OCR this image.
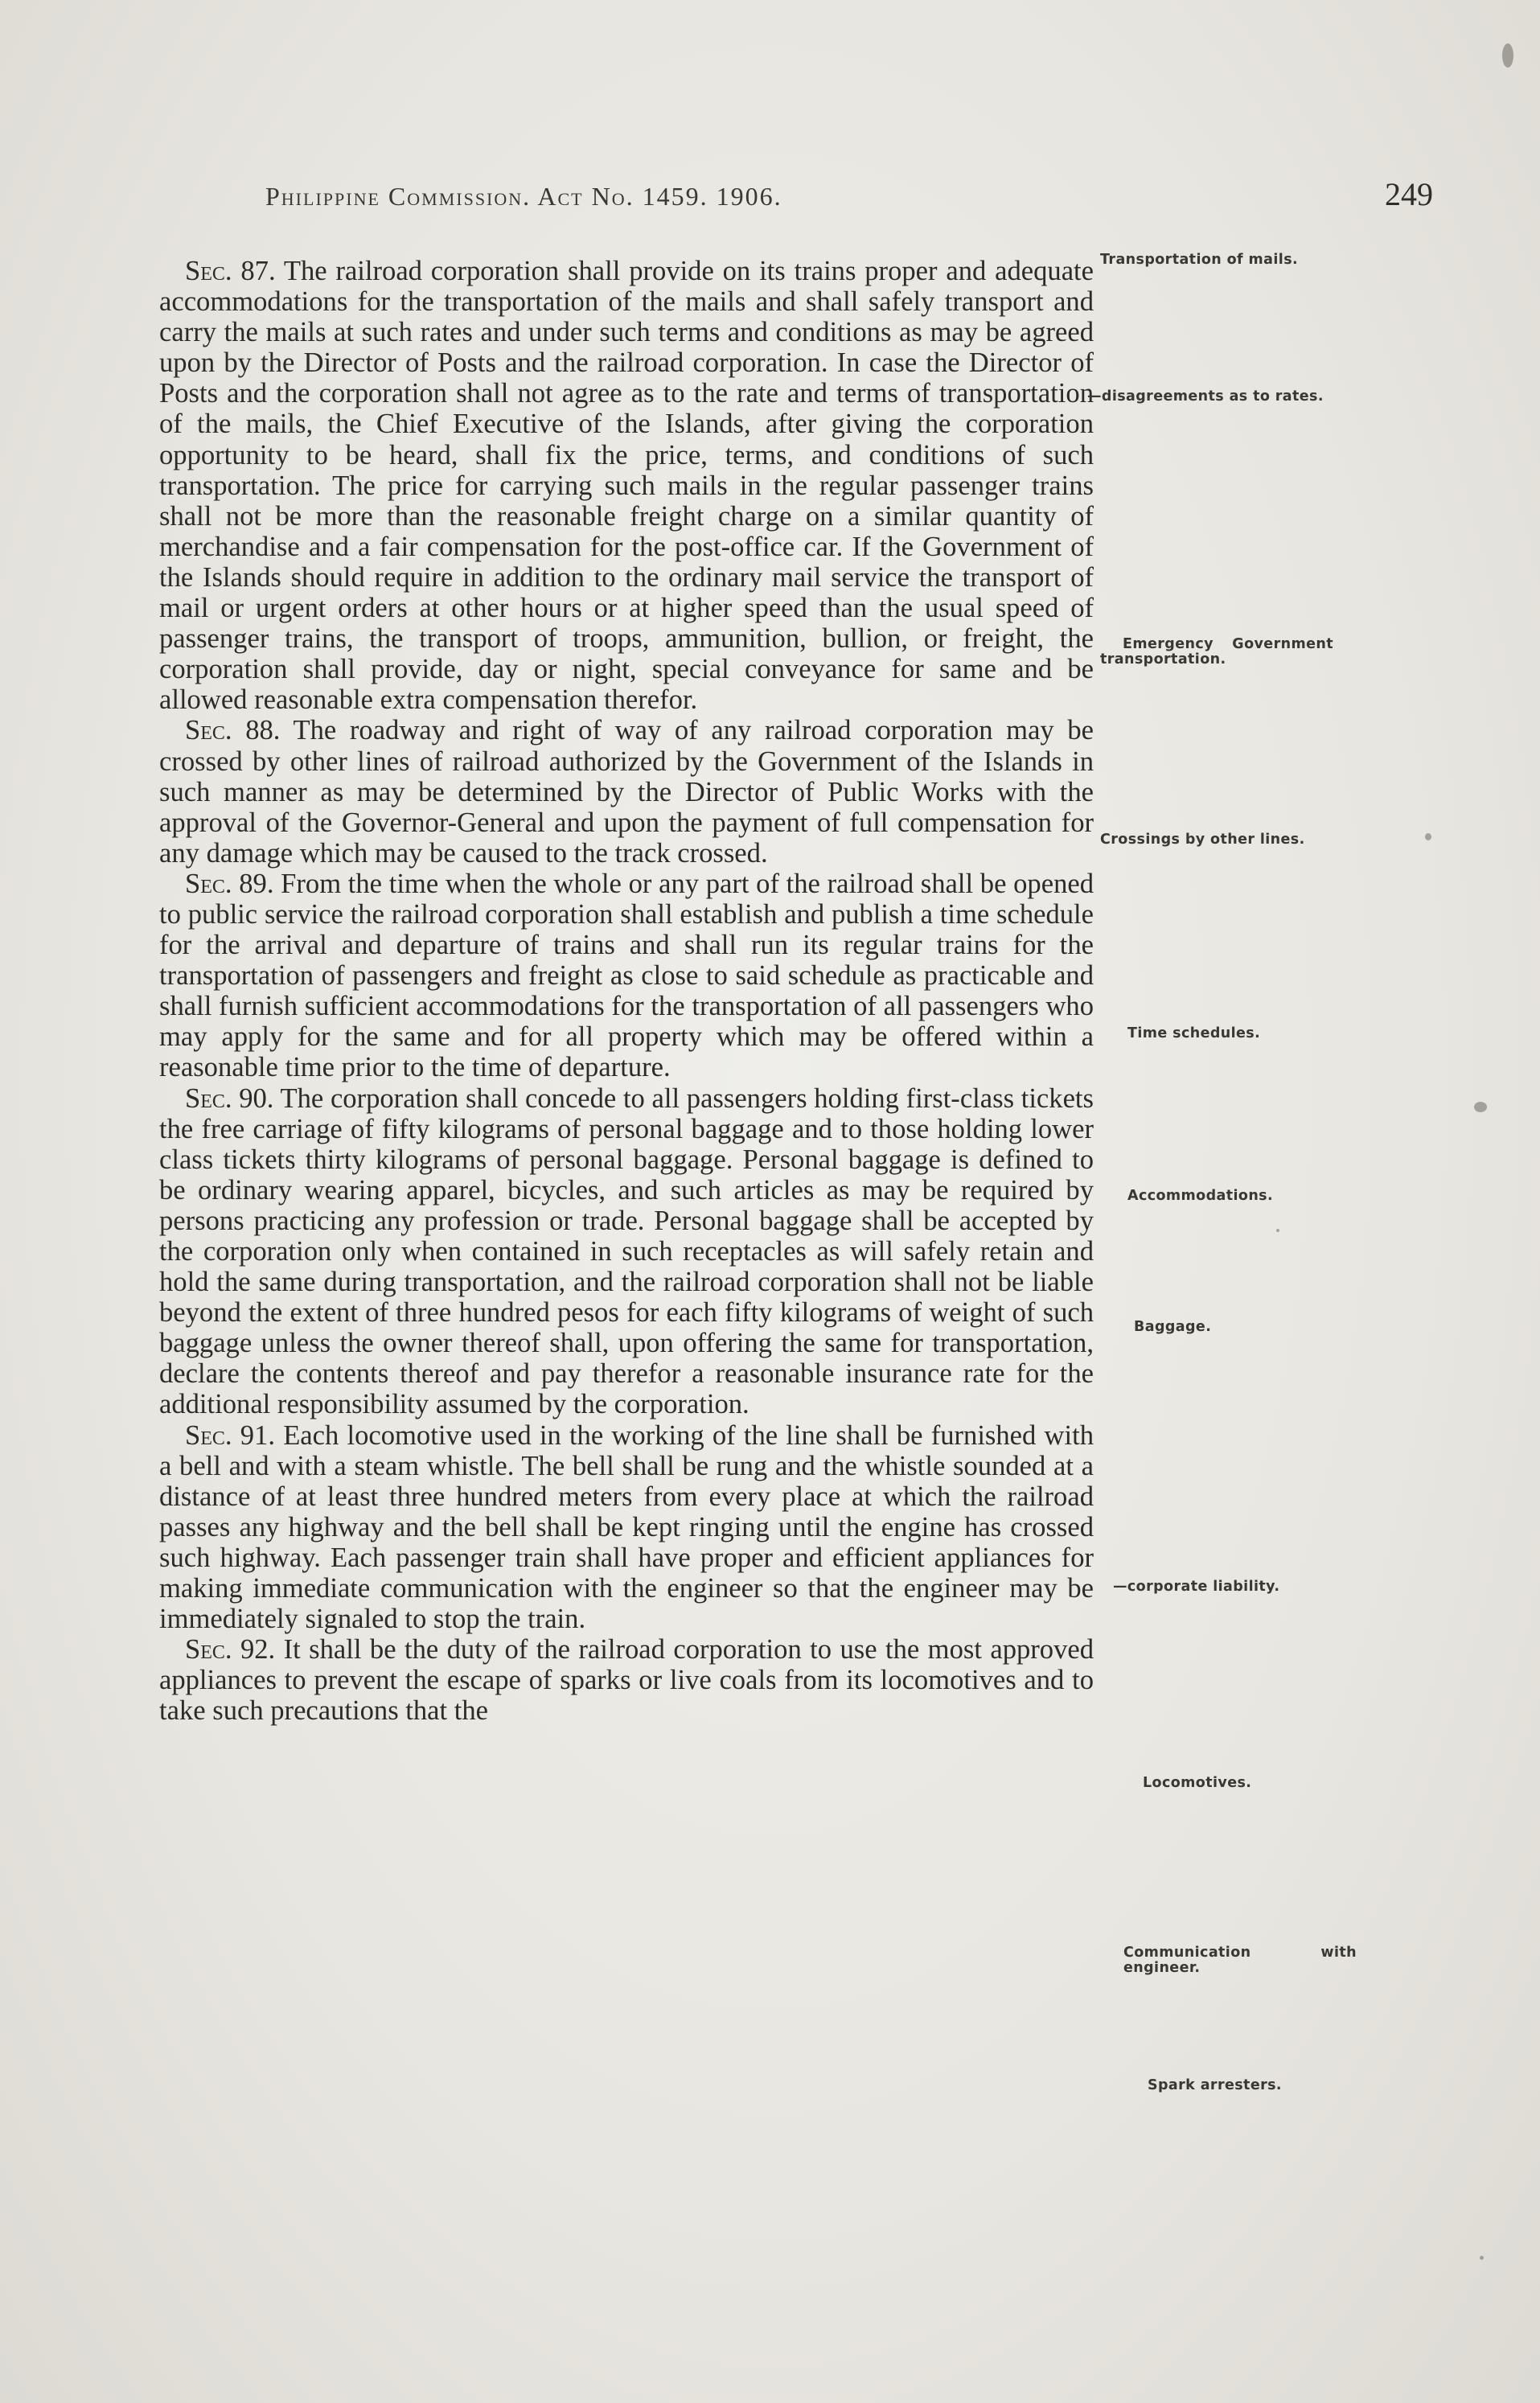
Philippine Commission. Act No. 1459. 1906.	249

Sec. 87. The railroad corporation shall provide on its trains proper and adequate accommodations for the transportation of the mails and shall safely transport and carry the mails at such rates and under such terms and conditions as may be agreed upon by the Director of Posts and the railroad corporation. In case the Director of Posts and the corporation shall not agree as to the rate and terms of transportation of the mails, the Chief Executive of the Islands, after giving the corporation opportunity to be heard, shall fix the price, terms, and conditions of such transportation. The price for carrying such mails in the regular passenger trains shall not be more than the reasonable freight charge on a similar quantity of merchandise and a fair compensation for the post-office car. If the Government of the Islands should require in addition to the ordinary mail service the transport of mail or urgent orders at other hours or at higher speed than the usual speed of passenger trains, the transport of troops, ammunition, bullion, or freight, the corporation shall provide, day or night, special conveyance for same and be allowed reasonable extra compensation therefor.

Sec. 88. The roadway and right of way of any railroad corporation may be crossed by other lines of railroad authorized by the Government of the Islands in such manner as may be determined by the Director of Public Works with the approval of the Governor-General and upon the payment of full compensation for any damage which may be caused to the track crossed.

Sec. 89. From the time when the whole or any part of the railroad shall be opened to public service the railroad corporation shall establish and publish a time schedule for the arrival and departure of trains and shall run its regular trains for the transportation of passengers and freight as close to said schedule as practicable and shall furnish sufficient accommodations for the transportation of all passengers who may apply for the same and for all property which may be offered within a reasonable time prior to the time of departure.

Sec. 90. The corporation shall concede to all passengers holding first-class tickets the free carriage of fifty kilograms of personal baggage and to those holding lower class tickets thirty kilograms of personal baggage. Personal baggage is defined to be ordinary wearing apparel, bicycles, and such articles as may be required by persons practicing any profession or trade. Personal baggage shall be accepted by the corporation only when contained in such receptacles as will safely retain and hold the same during transportation, and the railroad corporation shall not be liable beyond the extent of three hundred pesos for each fifty kilograms of weight of such baggage unless the owner thereof shall, upon offering the same for transportation, declare the contents thereof and pay therefor a reasonable insurance rate for the additional responsibility assumed by the corporation.

Sec. 91. Each locomotive used in the working of the line shall be furnished with a bell and with a steam whistle. The bell shall be rung and the whistle sounded at a distance of at least three hundred meters from every place at which the railroad passes any highway and the bell shall be kept ringing until the engine has crossed such highway. Each passenger train shall have proper and efficient appliances for making immediate communication with the engineer so that the engineer may be immediately signaled to stop the train.

Sec. 92. It shall be the duty of the railroad corporation to use the most approved appliances to prevent the escape of sparks or live coals from its locomotives and to take such precautions that the

Transportation of mails.
—disagreements as to rates.
Emergency Government transportation.
Crossings by other lines.
Time schedules.
Accommodations.
Baggage.
—corporate liability.
Locomotives.
Communication with engineer.
Spark arresters.
